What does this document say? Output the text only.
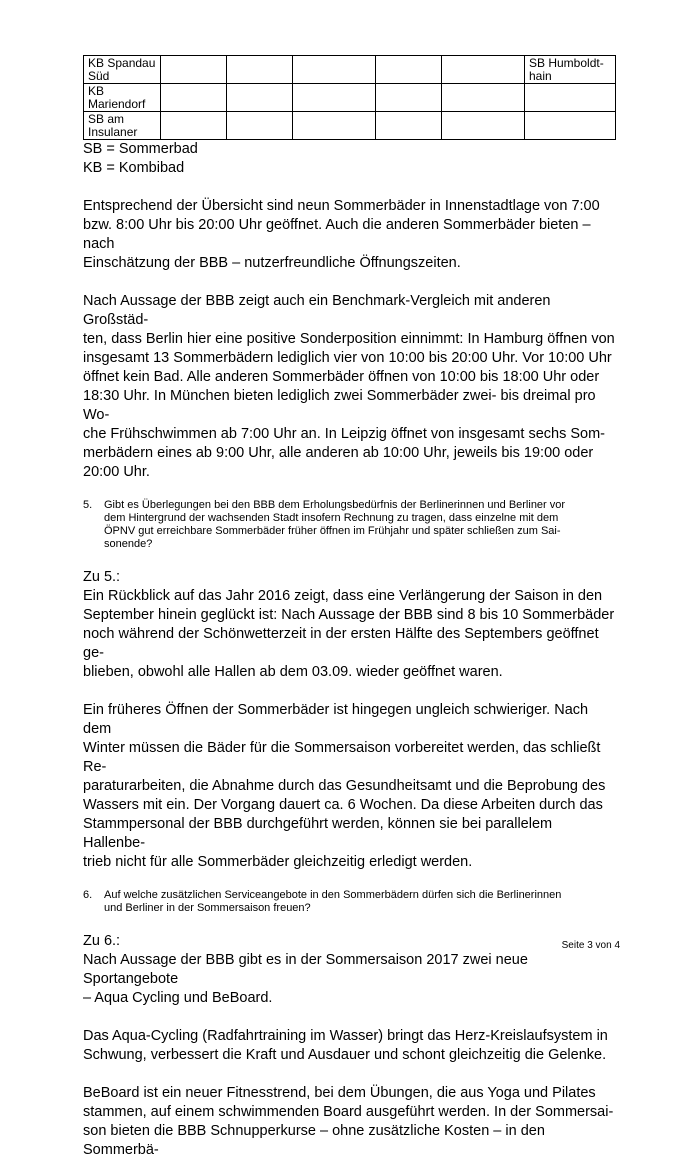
KB Spandau Süd						SB Humboldt-hain
KB Mariendorf						
SB am Insulaner						
SB = Sommerbad
KB = Kombibad
Entsprechend der Übersicht sind neun Sommerbäder in Innenstadtlage von 7:00
bzw. 8:00 Uhr bis 20:00 Uhr geöffnet. Auch die anderen Sommerbäder bieten – nach
Einschätzung der BBB – nutzerfreundliche Öffnungszeiten.
Nach Aussage der BBB zeigt auch ein Benchmark-Vergleich mit anderen Großstäd-
ten, dass Berlin hier eine positive Sonderposition einnimmt: In Hamburg öffnen von
insgesamt 13 Sommerbädern lediglich vier von 10:00 bis 20:00 Uhr. Vor 10:00 Uhr
öffnet kein Bad. Alle anderen Sommerbäder öffnen von 10:00 bis 18:00 Uhr oder
18:30 Uhr. In München bieten lediglich zwei Sommerbäder zwei- bis dreimal pro Wo-
che Frühschwimmen ab 7:00 Uhr an. In Leipzig öffnet von insgesamt sechs Som-
merbädern eines ab 9:00 Uhr, alle anderen ab 10:00 Uhr, jeweils bis 19:00 oder
20:00 Uhr.
5.	Gibt es Überlegungen bei den BBB dem Erholungsbedürfnis der Berlinerinnen und Berliner vor
dem Hintergrund der wachsenden Stadt insofern Rechnung zu tragen, dass einzelne mit dem
ÖPNV gut erreichbare Sommerbäder früher öffnen im Frühjahr und später schließen zum Sai-
sonende?
Zu 5.:
Ein Rückblick auf das Jahr 2016 zeigt, dass eine Verlängerung der Saison in den
September hinein geglückt ist: Nach Aussage der BBB sind 8 bis 10 Sommerbäder
noch während der Schönwetterzeit in der ersten Hälfte des Septembers geöffnet ge-
blieben, obwohl alle Hallen ab dem 03.09. wieder geöffnet waren.
Ein früheres Öffnen der Sommerbäder ist hingegen ungleich schwieriger. Nach dem
Winter müssen die Bäder für die Sommersaison vorbereitet werden, das schließt Re-
paraturarbeiten, die Abnahme durch das Gesundheitsamt und die Beprobung des
Wassers mit ein. Der Vorgang dauert ca. 6 Wochen. Da diese Arbeiten durch das
Stammpersonal der BBB durchgeführt werden, können sie bei parallelem Hallenbe-
trieb nicht für alle Sommerbäder gleichzeitig erledigt werden.
6.	Auf welche zusätzlichen Serviceangebote in den Sommerbädern dürfen sich die Berlinerinnen
und Berliner in der Sommersaison freuen?
Zu 6.:
Nach Aussage der BBB gibt es in der Sommersaison 2017 zwei neue Sportangebote
– Aqua Cycling und BeBoard.
Das Aqua-Cycling (Radfahrtraining im Wasser) bringt das Herz-Kreislaufsystem in
Schwung, verbessert die Kraft und Ausdauer und schont gleichzeitig die Gelenke.
BeBoard ist ein neuer Fitnesstrend, bei dem Übungen, die aus Yoga und Pilates
stammen, auf einem schwimmenden Board ausgeführt werden. In der Sommersai-
son bieten die BBB Schnupperkurse – ohne zusätzliche Kosten – in den Sommerbä-
Seite 3 von 4
